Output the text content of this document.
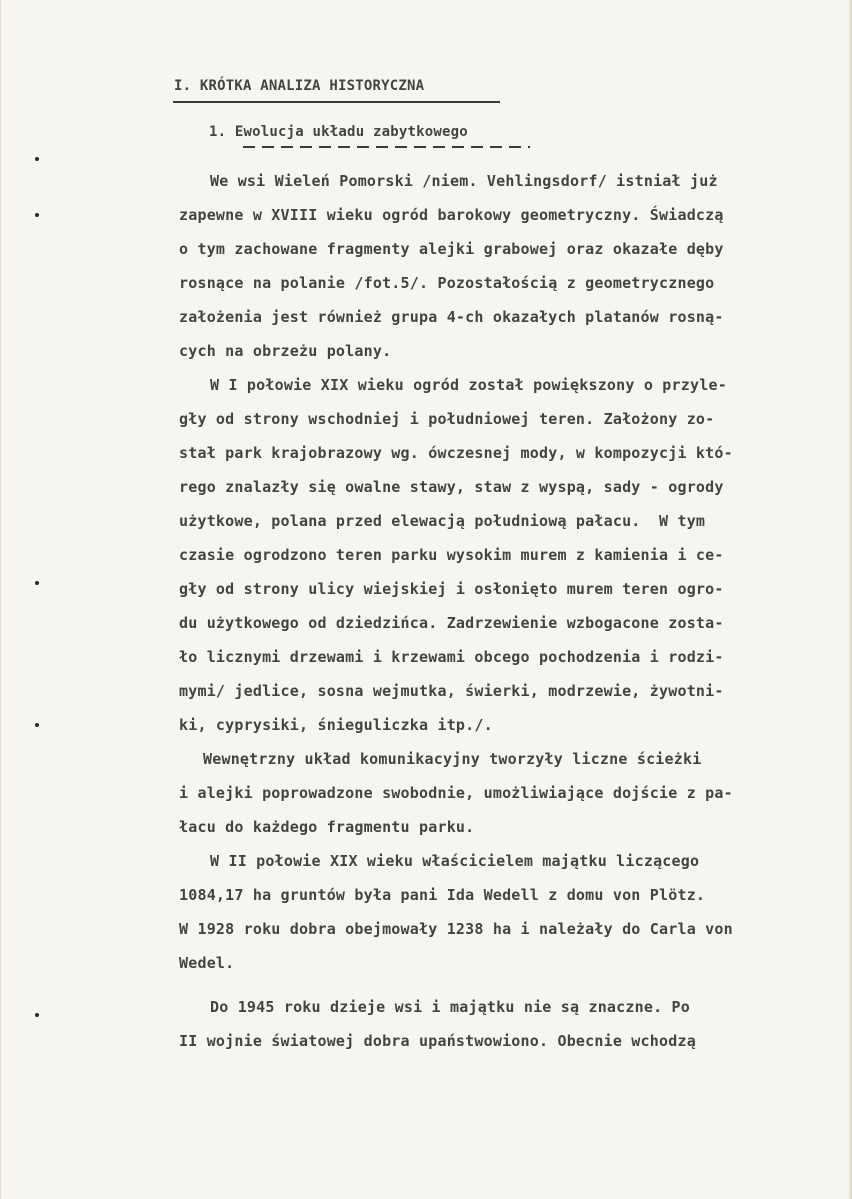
I. KRÓTKA ANALIZA HISTORYCZNA
1. Ewolucja układu zabytkowego
We wsi Wieleń Pomorski /niem. Vehlingsdorf/ istniał już
zapewne w XVIII wieku ogród barokowy geometryczny. Świadczą
o tym zachowane fragmenty alejki grabowej oraz okazałe dęby
rosnące na polanie /fot.5/. Pozostałością z geometrycznego
założenia jest również grupa 4-ch okazałych platanów rosną-
cych na obrzeżu polany.
W I połowie XIX wieku ogród został powiększony o przyle-
gły od strony wschodniej i południowej teren. Założony zo-
stał park krajobrazowy wg. ówczesnej mody, w kompozycji któ-
rego znalazły się owalne stawy, staw z wyspą, sady - ogrody
użytkowe, polana przed elewacją południową pałacu.  W tym
czasie ogrodzono teren parku wysokim murem z kamienia i ce-
gły od strony ulicy wiejskiej i osłonięto murem teren ogro-
du użytkowego od dziedzińca. Zadrzewienie wzbogacone zosta-
ło licznymi drzewami i krzewami obcego pochodzenia i rodzi-
mymi/ jedlice, sosna wejmutka, świerki, modrzewie, żywotni-
ki, cyprysiki, śnieguliczka itp./.
Wewnętrzny układ komunikacyjny tworzyły liczne ścieżki
i alejki poprowadzone swobodnie, umożliwiające dojście z pa-
łacu do każdego fragmentu parku.
W II połowie XIX wieku właścicielem majątku liczącego
1084,17 ha gruntów była pani Ida Wedell z domu von Plötz.
W 1928 roku dobra obejmowały 1238 ha i należały do Carla von
Wedel.
Do 1945 roku dzieje wsi i majątku nie są znaczne. Po
II wojnie światowej dobra upaństwowiono. Obecnie wchodzą
